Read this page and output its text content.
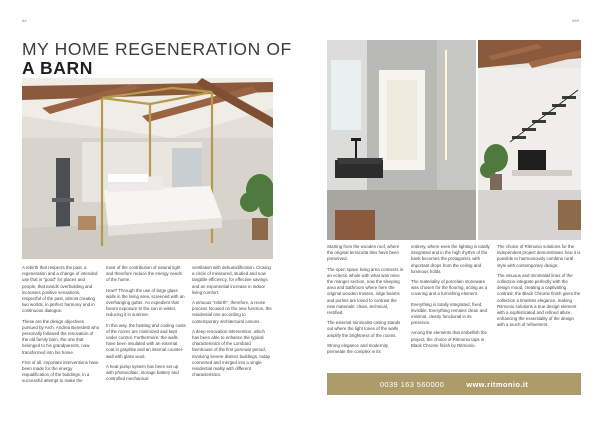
88	089
MY HOME REGENERATION OF
A BARN

A rebirth that respects the past, a regeneration and a change of intended use that is "good" for places and people, that avoids overbuilding and increases positive sensations, respectful of the past, almost creating two worlds, in perfect harmony and in continuous dialogue.

These are the design objectives pursued by Arch. Andrea Benedetti who personally followed the renovation of the old family barn, the one that belonged to his grandparents, now transformed into his home.

First of all, important interventions have been made for the energy requalification of the buildings, in a successful attempt to make the

most of the contribution of natural light and therefore reduce the energy needs of the home.

How? Through the use of large glass walls in the living area, screened with an overhanging gutter. An expedient that favors exposure to the sun in winter, reducing it in summer.

In this way, the heating and cooling costs of the rooms are minimized and kept under control. Furthermore, the walls have been insulated with an external coat in graphite and an internal counter-wall with glass wool.

A heat pump system has been set up with photovoltaic, storage battery and controlled mechanical

ventilation with dehumidification. Closing a circle of measured, studied and now tangible efficiency, for effective savings and an exponential increase in indoor living comfort.

A virtuous "rebirth", therefore, a reuse process focused on the new function, the residential one according to contemporary architectural canons.

A deep renovation intervention, which has been able to enhance the typical characteristics of the Lombard farmhouse of the first post-war period, involving severe distinct buildings, today connected and merged into a single residential reality with different characteristics.

Starting from the wooden roof, where the original terracotta tiles have been preserved.

The open space living area connects in an eclectic whole with what was once the manger section, now the sleeping area and bathroom where here the original wooden trusses, ridge beams and purlins are loved to contrast the new materials: clean, technical, rectified.

The external minimalist casing stands out where the light tones of the walls amplify the brightness of the rooms.

Strong elegance and modernity permeate the complex in its

entirety, where even the lighting is totally integrated and in the high rhythm of the bank becomes the protagonist, with important drops from the ceiling and luminous holds.

The materiality of porcelain stoneware was chosen for the flooring, acting as a covering and a furnishing element.

Everything is totally integrated, fixed, invisible. Everything remains clean and minimal, clearly functional in its presence.

Among the elements that embellish the project, the choice of Ritmonio taps in Black Chrome finish by Ritmonio.

The choice of Ritmonio solutions for the independent project demonstrates how it is possible to harmoniously combine rural style with contemporary design.

The sinuous and minimalist lines of the collection integrate perfectly with the design mood, creating a captivating contrast; the Black Chrome finish gives the collection a timeless elegance, making Ritmonio solutions a true design element with a sophisticated and refined allure, enhancing the essentiality of the design with a touch of refinement.

0039 163 560000	www.ritmonio.it
